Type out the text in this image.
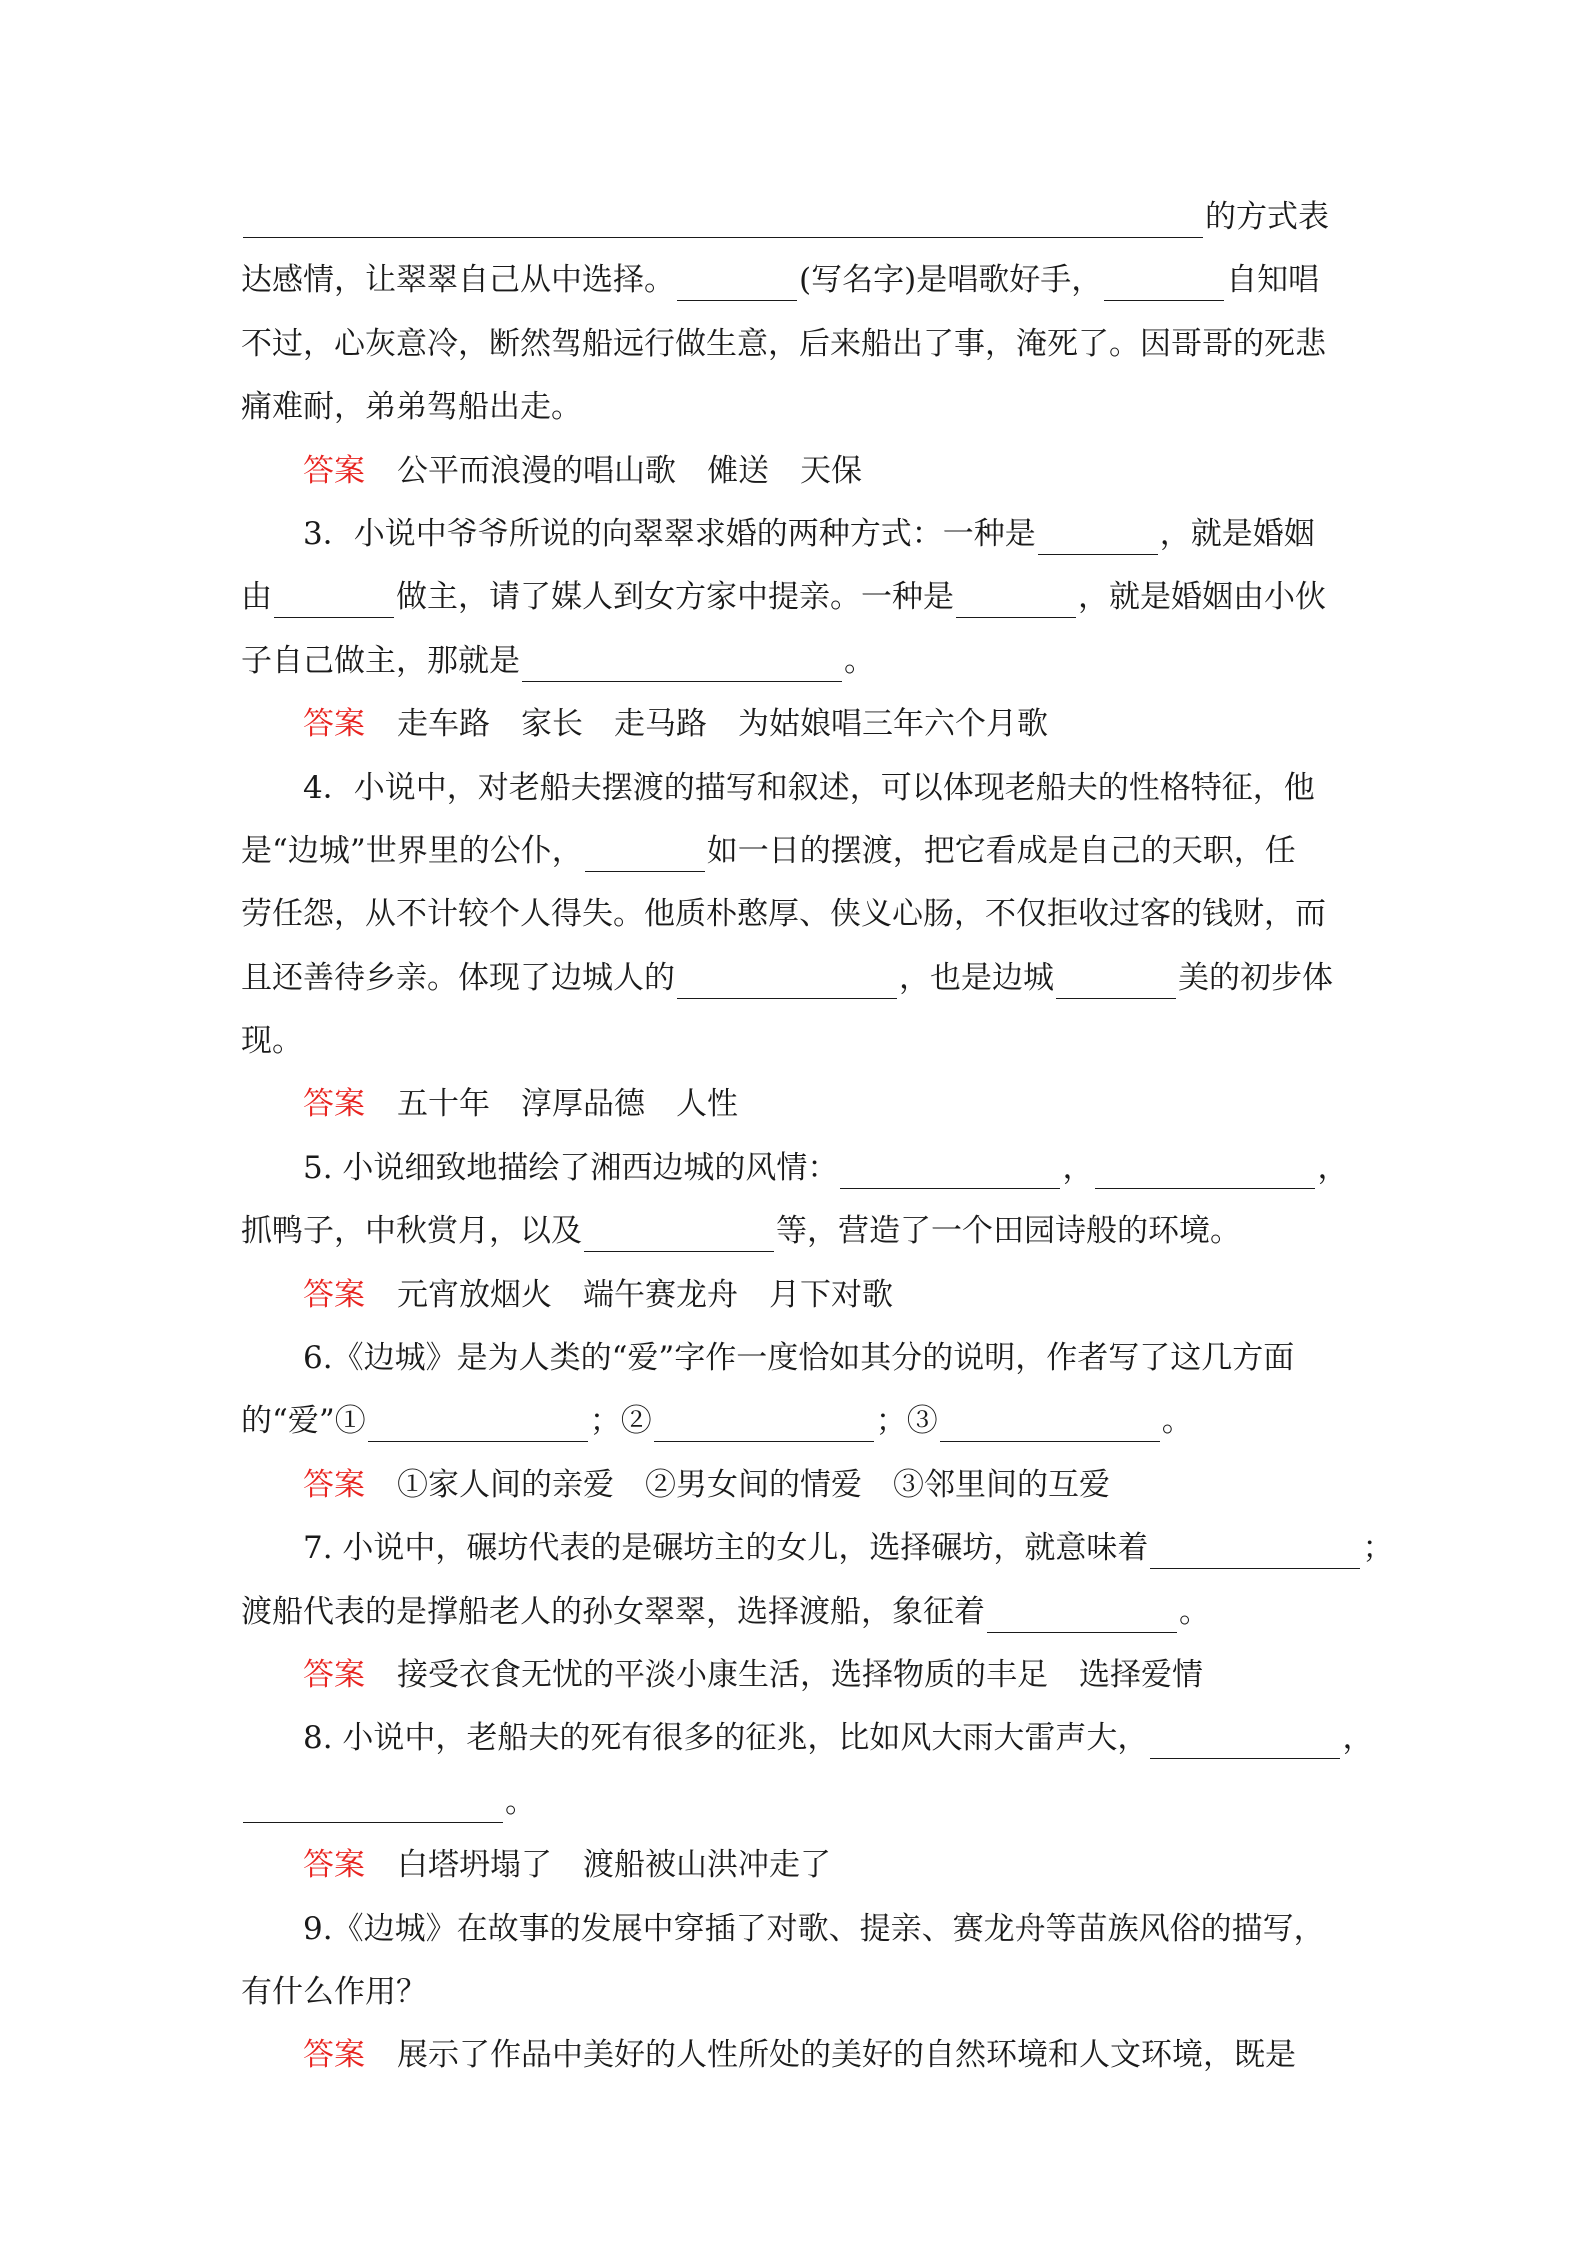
的方式表
达感情，让翠翠自己从中选择。	(写名字)是唱歌好手，	自知唱
不过，心灰意冷，断然驾船远行做生意，后来船出了事，淹死了。因哥哥的死悲
痛难耐，弟弟驾船出走。
答案 公平而浪漫的唱山歌　傩送　天保
　　3．小说中爷爷所说的向翠翠求婚的两种方式：一种是	，就是婚姻
由	做主，请了媒人到女方家中提亲。一种是	，就是婚姻由小伙
子自己做主，那就是	。
答案 走车路　家长　走马路　为姑娘唱三年六个月歌
　　4．小说中，对老船夫摆渡的描写和叙述，可以体现老船夫的性格特征，他
是“边城”世界里的公仆，	如一日的摆渡，把它看成是自己的天职，任
劳任怨，从不计较个人得失。他质朴憨厚、侠义心肠，不仅拒收过客的钱财，而
且还善待乡亲。体现了边城人的	，也是边城	美的初步体
现。
答案 五十年　淳厚品德　人性
　　5. 小说细致地描绘了湘西边城的风情：	，	，
抓鸭子，中秋赏月，以及	等，营造了一个田园诗般的环境。
答案 元宵放烟火　端午赛龙舟　月下对歌
　　6.《边城》是为人类的“爱”字作一度恰如其分的说明，作者写了这几方面
的“爱”①	；②	；③	。
答案 ①家人间的亲爱　②男女间的情爱　③邻里间的互爱
　　7. 小说中，碾坊代表的是碾坊主的女儿，选择碾坊，就意味着	；
渡船代表的是撑船老人的孙女翠翠，选择渡船，象征着	。
答案 接受衣食无忧的平淡小康生活，选择物质的丰足　选择爱情
　　8. 小说中，老船夫的死有很多的征兆，比如风大雨大雷声大，	，
。
答案 白塔坍塌了　渡船被山洪冲走了
　　9.《边城》在故事的发展中穿插了对歌、提亲、赛龙舟等苗族风俗的描写，
有什么作用？
答案 展示了作品中美好的人性所处的美好的自然环境和人文环境，既是
